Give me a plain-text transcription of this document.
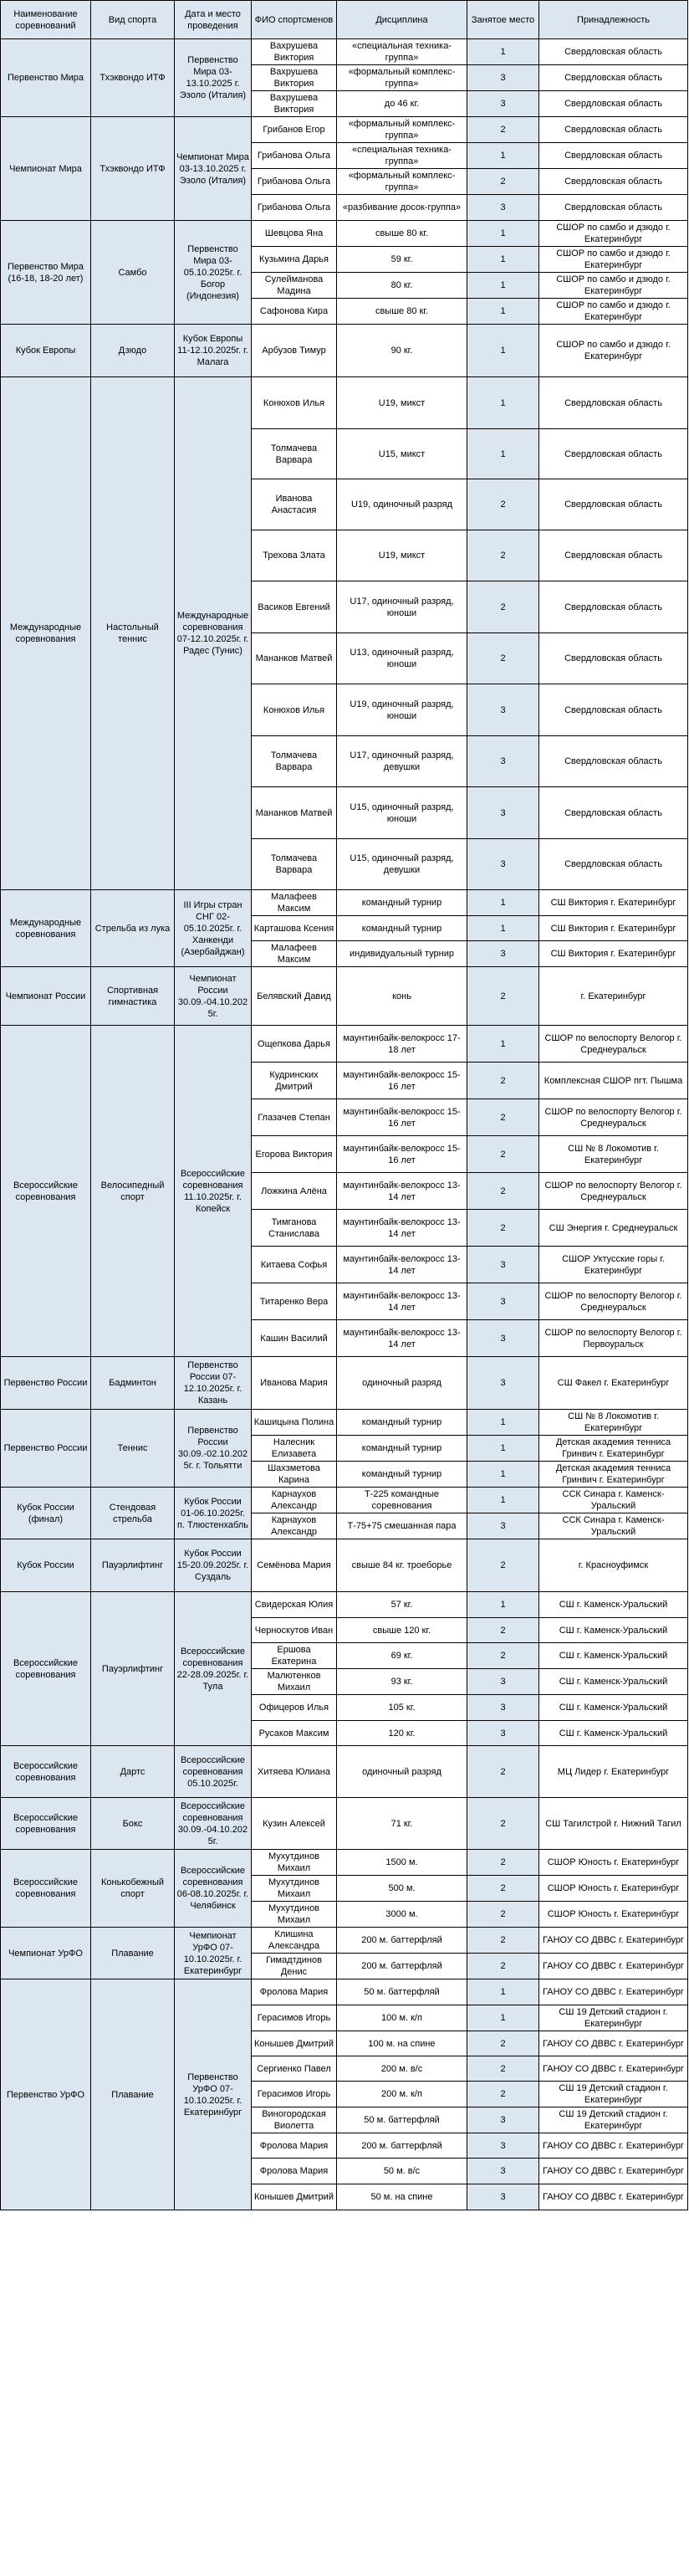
Наименование соревнований	Вид спорта	Дата и место проведения	ФИО спортсменов	Дисциплина	Занятое место	Принадлежность
Первенство Мира	Тхэквондо ИТФ	Первенство Мира 03-13.10.2025 г. Эзоло (Италия)	Вахрушева Виктория	«специальная техника-группа»	1	Свердловская область
			Вахрушева Виктория	«формальный комплекс-группа»	3	Свердловская область
			Вахрушева Виктория	до 46 кг.	3	Свердловская область
Чемпионат Мира	Тхэквондо ИТФ	Чемпионат Мира 03-13.10.2025 г. Эзоло (Италия)	Грибанов Егор	«формальный комплекс-группа»	2	Свердловская область
			Грибанова Ольга	«специальная техника-группа»	1	Свердловская область
			Грибанова Ольга	«формальный комплекс-группа»	2	Свердловская область
			Грибанова Ольга	«разбивание досок-группа»	3	Свердловская область
Первенство Мира (16-18, 18-20 лет)	Самбо	Первенство Мира 03-05.10.2025г. г. Богор (Индонезия)	Шевцова Яна	свыше 80 кг.	1	СШОР по самбо и дзюдо г. Екатеринбург
			Кузьмина Дарья	59 кг.	1	СШОР по самбо и дзюдо г. Екатеринбург
			Сулейманова Мадина	80 кг.	1	СШОР по самбо и дзюдо г. Екатеринбург
			Сафонова Кира	свыше 80 кг.	1	СШОР по самбо и дзюдо г. Екатеринбург
Кубок Европы	Дзюдо	Кубок Европы 11-12.10.2025г. г. Малага	Арбузов Тимур	90 кг.	1	СШОР по самбо и дзюдо г. Екатеринбург
Международные соревнования	Настольный теннис	Международные соревнования 07-12.10.2025г. г. Радес (Тунис)	Конюхов Илья	U19, микст	1	Свердловская область
			Толмачева Варвара	U15, микст	1	Свердловская область
			Иванова Анастасия	U19, одиночный разряд	2	Свердловская область
			Трехова Злата	U19, микст	2	Свердловская область
			Васиков Евгений	U17, одиночный разряд, юноши	2	Свердловская область
			Мананков Матвей	U13, одиночный разряд, юноши	2	Свердловская область
			Конюхов Илья	U19, одиночный разряд, юноши	3	Свердловская область
			Толмачева Варвара	U17, одиночный разряд, девушки	3	Свердловская область
			Мананков Матвей	U15, одиночный разряд, юноши	3	Свердловская область
			Толмачева Варвара	U15, одиночный разряд, девушки	3	Свердловская область
Международные соревнования	Стрельба из лука	III Игры стран СНГ 02-05.10.2025г. г. Ханкенди (Азербайджан)	Малафеев Максим	командный турнир	1	СШ Виктория г. Екатеринбург
			Карташова Ксения	командный турнир	1	СШ Виктория г. Екатеринбург
			Малафеев Максим	индивидуальный турнир	3	СШ Виктория г. Екатеринбург
Чемпионат России	Спортивная гимнастика	Чемпионат России 30.09.-04.10.2025г.	Белявский Давид	конь	2	г. Екатеринбург
Всероссийские соревнования	Велосипедный спорт	Всероссийские соревнования 11.10.2025г. г. Копейск	Ощепкова Дарья	маунтинбайк-велокросс 17-18 лет	1	СШОР по велоспорту Велогор г. Среднеуральск
			Кудринских Дмитрий	маунтинбайк-велокросс 15-16 лет	2	Комплексная СШОР пгт. Пышма
			Глазачев Степан	маунтинбайк-велокросс 15-16 лет	2	СШОР по велоспорту Велогор г. Среднеуральск
			Егорова Виктория	маунтинбайк-велокросс 15-16 лет	2	СШ № 8 Локомотив г. Екатеринбург
			Ложкина Алёна	маунтинбайк-велокросс 13-14 лет	2	СШОР по велоспорту Велогор г. Среднеуральск
			Тимганова Станислава	маунтинбайк-велокросс 13-14 лет	2	СШ Энергия г. Среднеуральск
			Китаева Софья	маунтинбайк-велокросс 13-14 лет	3	СШОР Уктусские горы г. Екатеринбург
			Титаренко Вера	маунтинбайк-велокросс 13-14 лет	3	СШОР по велоспорту Велогор г. Среднеуральск
			Кашин Василий	маунтинбайк-велокросс 13-14 лет	3	СШОР по велоспорту Велогор г. Первоуральск
Первенство России	Бадминтон	Первенство России 07-12.10.2025г. г. Казань	Иванова Мария	одиночный разряд	3	СШ Факел г. Екатеринбург
Первенство России	Теннис	Первенство России 30.09.-02.10.2025г. г. Тольятти	Кашицына Полина	командный турнир	1	СШ № 8 Локомотив г. Екатеринбург
			Налесник Елизавета	командный турнир	1	Детская академия тенниса Гринвич г. Екатеринбург
			Шахзметова Карина	командный турнир	1	Детская академия тенниса Гринвич г. Екатеринбург
Кубок России (финал)	Стендовая стрельба	Кубок России 01-06.10.2025г. п. Тлюстенхабль	Карнаухов Александр	Т-225 командные соревнования	1	ССК Синара г. Каменск-Уральский
			Карнаухов Александр	Т-75+75 смешанная пара	3	ССК Синара г. Каменск-Уральский
Кубок России	Пауэрлифтинг	Кубок России 15-20.09.2025г. г. Суздаль	Семёнова Мария	свыше 84 кг. троеборье	2	г. Красноуфимск
Всероссийские соревнования	Пауэрлифтинг	Всероссийские соревнования 22-28.09.2025г. г. Тула	Свидерская Юлия	57 кг.	1	СШ г. Каменск-Уральский
			Черноскутов Иван	свыше 120 кг.	2	СШ г. Каменск-Уральский
			Ершова Екатерина	69 кг.	2	СШ г. Каменск-Уральский
			Малютенков Михаил	93 кг.	3	СШ г. Каменск-Уральский
			Офицеров Илья	105 кг.	3	СШ г. Каменск-Уральский
			Русаков Максим	120 кг.	3	СШ г. Каменск-Уральский
Всероссийские соревнования	Дартс	Всероссийские соревнования 05.10.2025г.	Хитяева Юлиана	одиночный разряд	2	МЦ Лидер г. Екатеринбург
Всероссийские соревнования	Бокс	Всероссийские соревнования 30.09.-04.10.2025г.	Кузин Алексей	71 кг.	2	СШ Тагилстрой г. Нижний Тагил
Всероссийские соревнования	Конькобежный спорт	Всероссийские соревнования 06-08.10.2025г. г. Челябинск	Мухутдинов Михаил	1500 м.	2	СШОР Юность г. Екатеринбург
			Мухутдинов Михаил	500 м.	2	СШОР Юность г. Екатеринбург
			Мухутдинов Михаил	3000 м.	2	СШОР Юность г. Екатеринбург
Чемпионат УрФО	Плавание	Чемпионат УрФО 07-10.10.2025г. г. Екатеринбург	Клишина Александра	200 м. баттерфляй	2	ГАНОУ СО ДВВС г. Екатеринбург
			Гимадтдинов Денис	200 м. баттерфляй	2	ГАНОУ СО ДВВС г. Екатеринбург
Первенство УрФО	Плавание	Первенство УрФО 07-10.10.2025г. г. Екатеринбург	Фролова Мария	50 м. баттерфляй	1	ГАНОУ СО ДВВС г. Екатеринбург
			Герасимов Игорь	100 м. к/п	1	СШ 19 Детский стадион г. Екатеринбург
			Конышев Дмитрий	100 м. на спине	2	ГАНОУ СО ДВВС г. Екатеринбург
			Сергиенко Павел	200 м. в/с	2	ГАНОУ СО ДВВС г. Екатеринбург
			Герасимов Игорь	200 м. к/п	2	СШ 19 Детский стадион г. Екатеринбург
			Виногородская Виолетта	50 м. баттерфляй	3	СШ 19 Детский стадион г. Екатеринбург
			Фролова Мария	200 м. баттерфляй	3	ГАНОУ СО ДВВС г. Екатеринбург
			Фролова Мария	50 м. в/с	3	ГАНОУ СО ДВВС г. Екатеринбург
			Конышев Дмитрий	50 м. на спине	3	ГАНОУ СО ДВВС г. Екатеринбург
